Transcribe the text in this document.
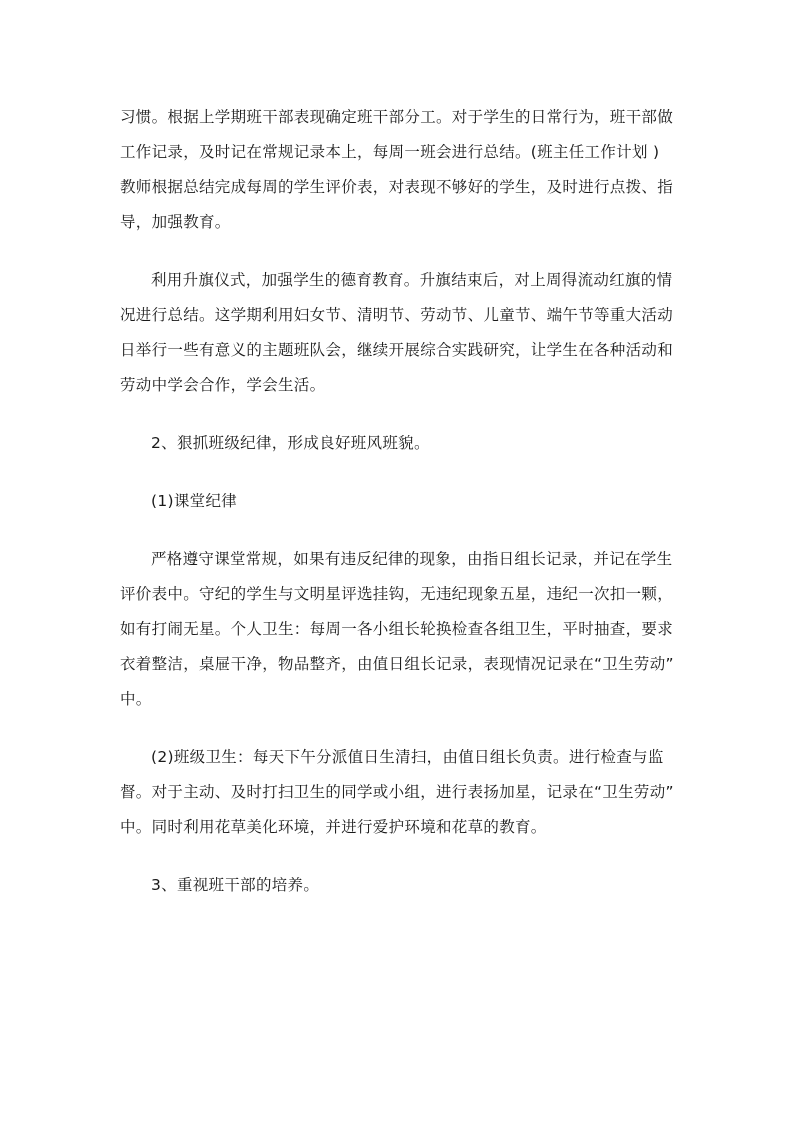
习惯。根据上学期班干部表现确定班干部分工。对于学生的日常行为，班干部做
工作记录，及时记在常规记录本上，每周一班会进行总结。(班主任工作计划 )
教师根据总结完成每周的学生评价表，对表现不够好的学生，及时进行点拨、指
导，加强教育。

利用升旗仪式，加强学生的德育教育。升旗结束后，对上周得流动红旗的情
况进行总结。这学期利用妇女节、清明节、劳动节、儿童节、端午节等重大活动
日举行一些有意义的主题班队会，继续开展综合实践研究，让学生在各种活动和
劳动中学会合作，学会生活。

2、狠抓班级纪律，形成良好班风班貌。

(1)课堂纪律

严格遵守课堂常规，如果有违反纪律的现象，由指日组长记录，并记在学生
评价表中。守纪的学生与文明星评选挂钩，无违纪现象五星，违纪一次扣一颗，
如有打闹无星。个人卫生：每周一各小组长轮换检查各组卫生，平时抽查，要求
衣着整洁，桌屉干净，物品整齐，由值日组长记录，表现情况记录在“卫生劳动”
中。

(2)班级卫生：每天下午分派值日生清扫，由值日组长负责。进行检查与监
督。对于主动、及时打扫卫生的同学或小组，进行表扬加星，记录在“卫生劳动”
中。同时利用花草美化环境，并进行爱护环境和花草的教育。

3、重视班干部的培养。
